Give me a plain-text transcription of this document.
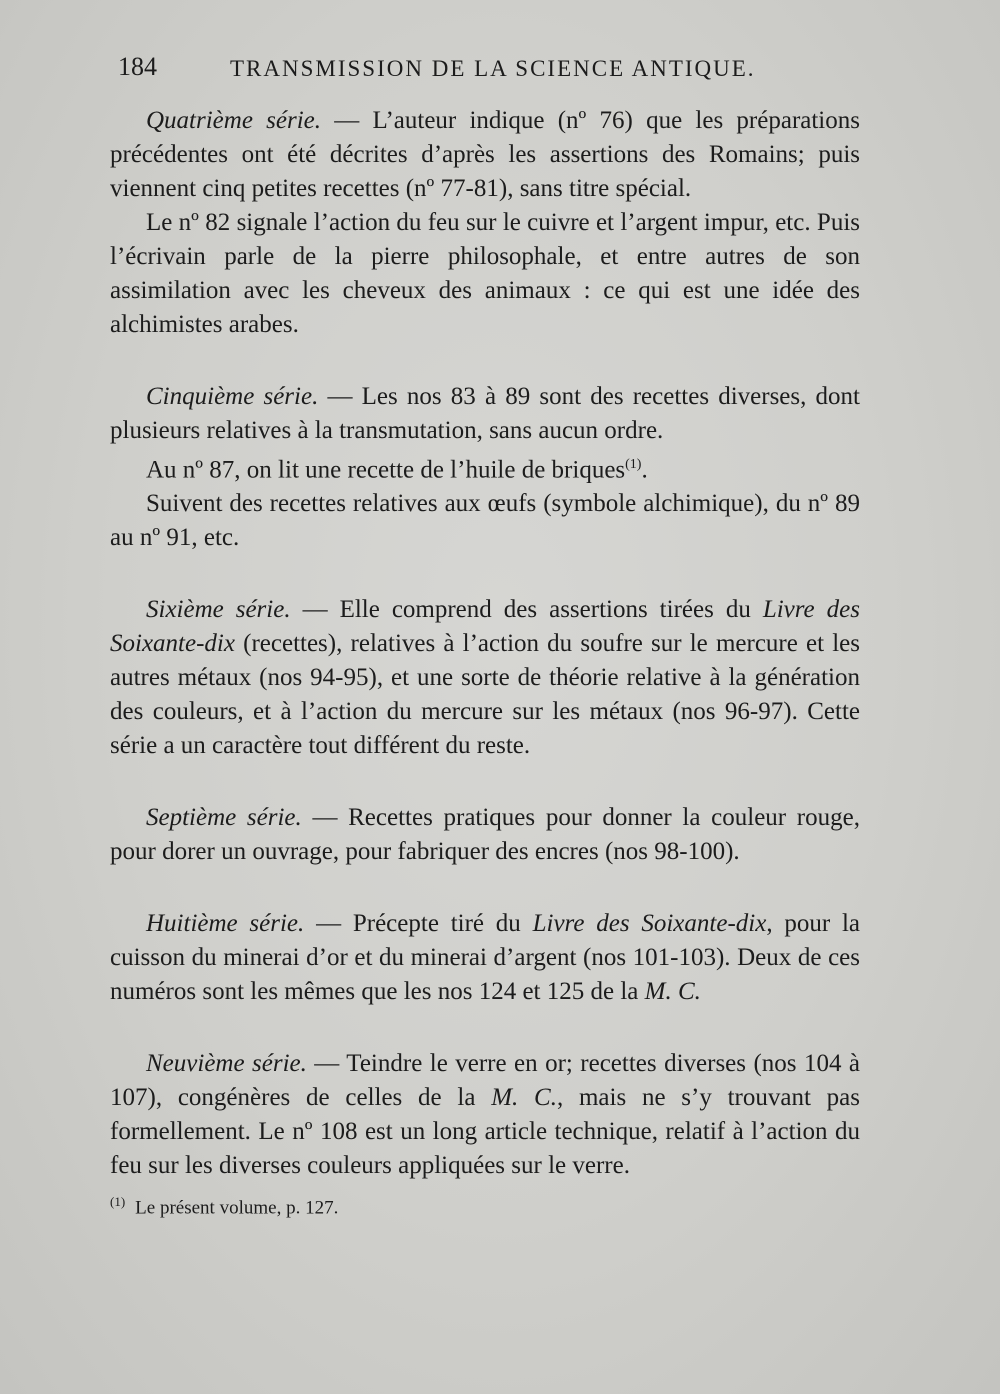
184	TRANSMISSION DE LA SCIENCE ANTIQUE.

Quatrième série. — L’auteur indique (nº 76) que les préparations précédentes ont été décrites d’après les assertions des Romains; puis viennent cinq petites recettes (nº 77-81), sans titre spécial.

Le nº 82 signale l’action du feu sur le cuivre et l’argent impur, etc. Puis l’écrivain parle de la pierre philosophale, et entre autres de son assimilation avec les cheveux des animaux : ce qui est une idée des alchimistes arabes.

Cinquième série. — Les nos 83 à 89 sont des recettes diverses, dont plusieurs relatives à la transmutation, sans aucun ordre.

Au nº 87, on lit une recette de l’huile de briques$^{(1)}$.

Suivent des recettes relatives aux œufs (symbole alchimique), du nº 89 au nº 91, etc.

Sixième série. — Elle comprend des assertions tirées du Livre des Soixante-dix (recettes), relatives à l’action du soufre sur le mercure et les autres métaux (nos 94-95), et une sorte de théorie relative à la génération des couleurs, et à l’action du mercure sur les métaux (nos 96-97). Cette série a un caractère tout différent du reste.

Septième série. — Recettes pratiques pour donner la couleur rouge, pour dorer un ouvrage, pour fabriquer des encres (nos 98-100).

Huitième série. — Précepte tiré du Livre des Soixante-dix, pour la cuisson du minerai d’or et du minerai d’argent (nos 101-103). Deux de ces numéros sont les mêmes que les nos 124 et 125 de la M. C.

Neuvième série. — Teindre le verre en or; recettes diverses (nos 104 à 107), congénères de celles de la M. C., mais ne s’y trouvant pas formellement. Le nº 108 est un long article technique, relatif à l’action du feu sur les diverses couleurs appliquées sur le verre.

$^{(1)}$ Le présent volume, p. 127.
